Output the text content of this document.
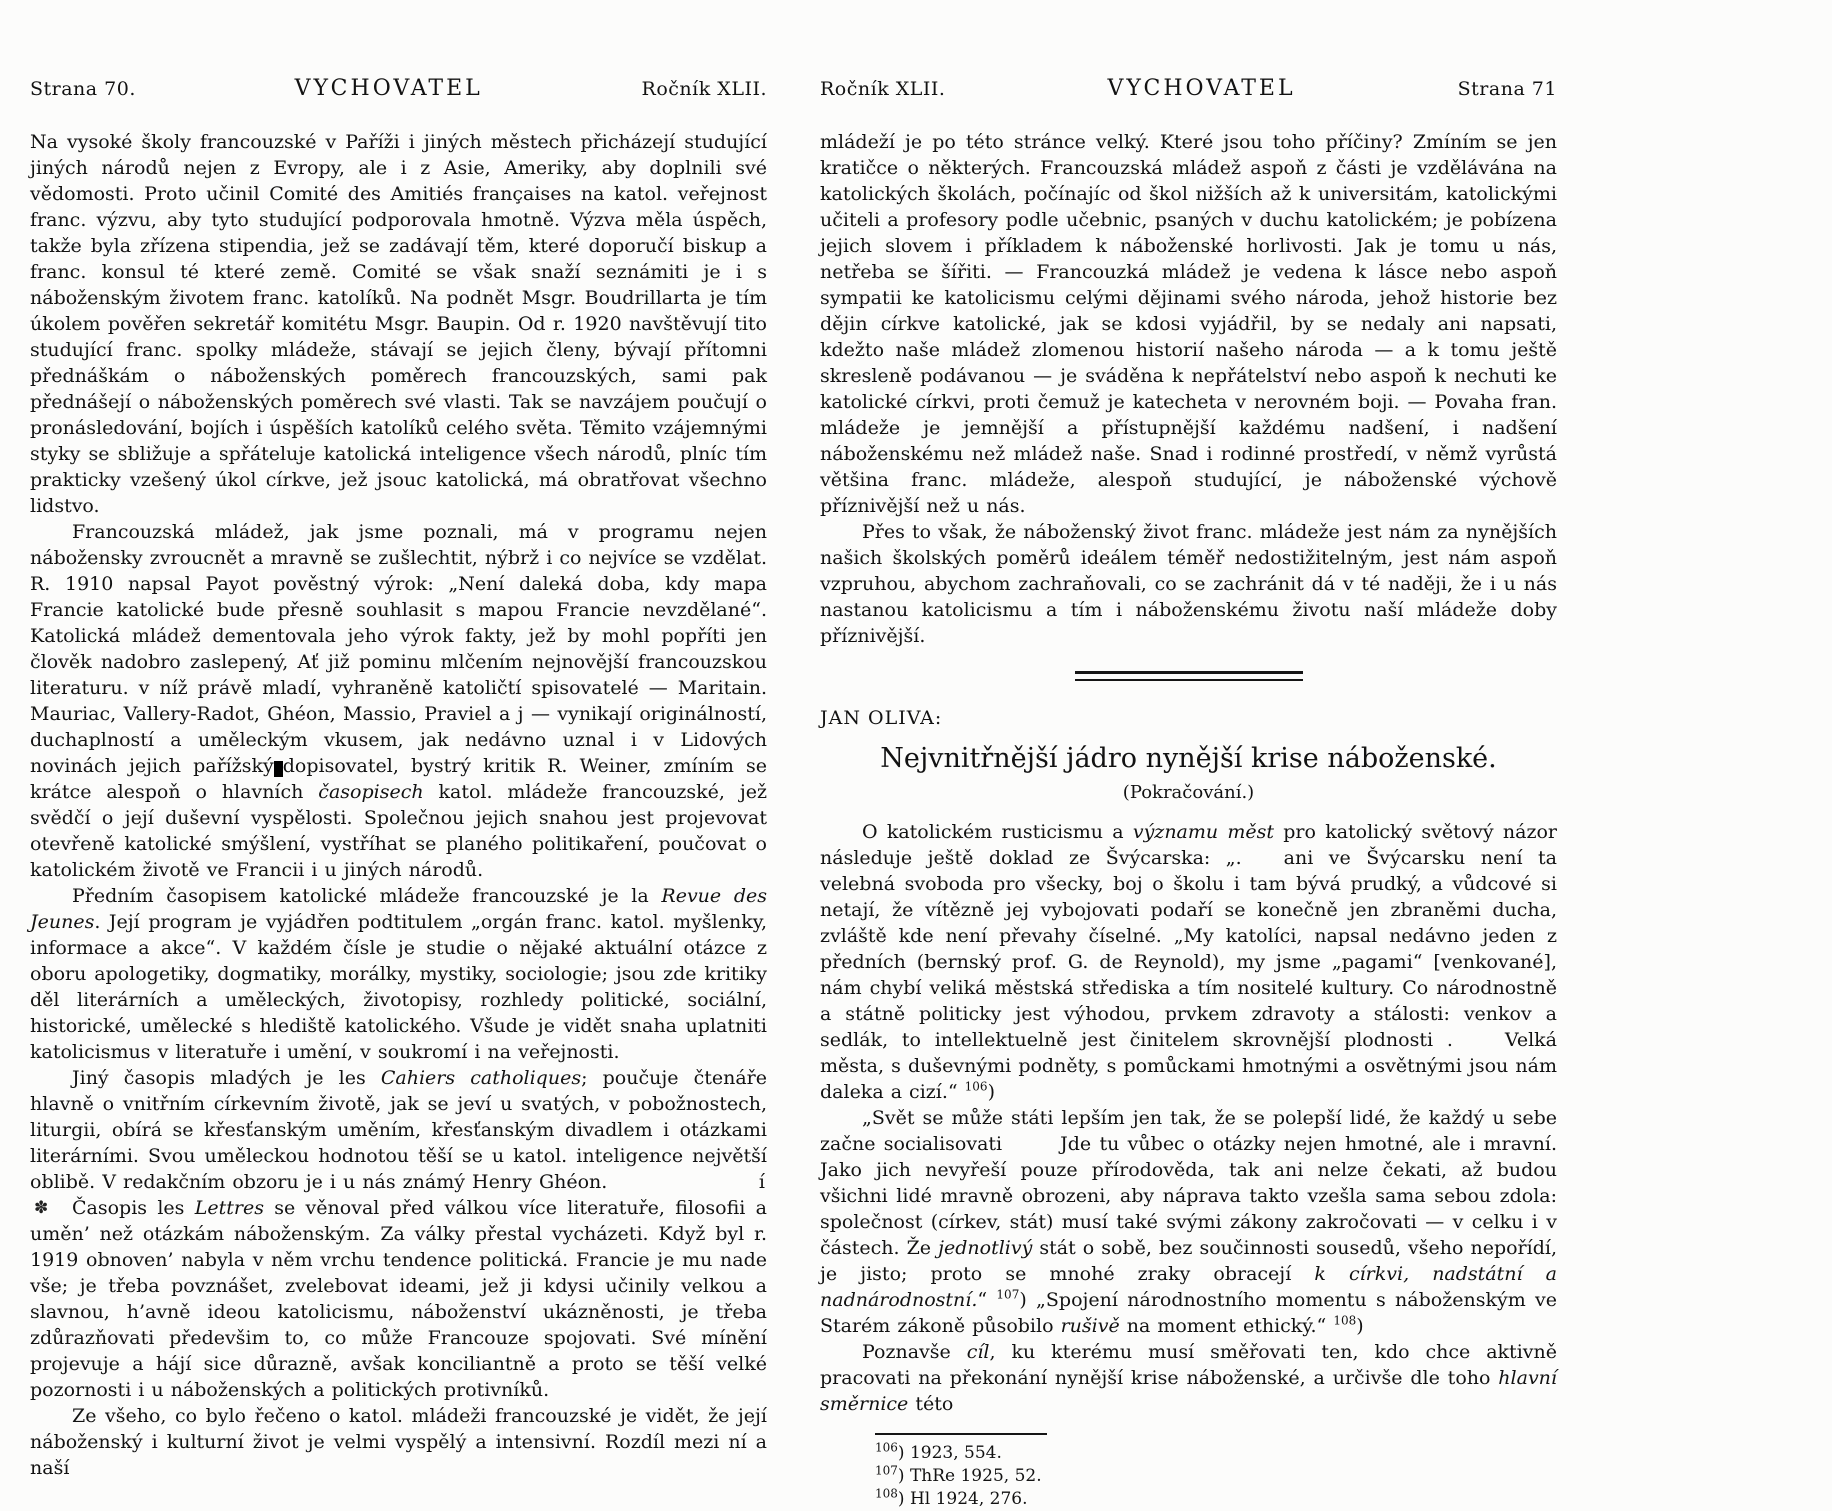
Strana 70.	VYCHOVATEL	Ročník XLII.

Na vysoké školy francouzské v Paříži i jiných městech přicházejí studující jiných národů nejen z Evropy, ale i z Asie, Ameriky, aby doplnili své vědomosti. Proto učinil Comité des Amitiés françaises na katol. veřejnost franc. výzvu, aby tyto studující podporovala hmotně. Výzva měla úspěch, takže byla zřízena stipendia, jež se zadávají těm, které doporučí biskup a franc. konsul té které země. Comité se však snaží seznámiti je i s náboženským životem franc. katolíků. Na podnět Msgr. Boudrillarta je tím úkolem pověřen sekretář komitétu Msgr. Baupin. Od r. 1920 navštěvují tito studující franc. spolky mládeže, stávají se jejich členy, bývají přítomni přednáškám o náboženských poměrech francouzských, sami pak přednášejí o náboženských poměrech své vlasti. Tak se navzájem poučují o pronásledování, bojích i úspěších katolíků celého světa. Těmito vzájemnými styky se sbližuje a spřáteluje katolická inteligence všech národů, plníc tím prakticky vzešený úkol církve, jež jsouc katolická, má obratřovat všechno lidstvo.

Francouzská mládež, jak jsme poznali, má v programu nejen nábožensky zvroucnět a mravně se zušlechtit, nýbrž i co nejvíce se vzdělat. R. 1910 napsal Payot pověstný výrok: „Není daleká doba, kdy mapa Francie katolické bude přesně souhlasit s mapou Francie nevzdělané“. Katolická mládež dementovala jeho výrok fakty, jež by mohl popříti jen člověk nadobro zaslepený, Ať již pominu mlčením nejnovější francouzskou literaturu. v níž právě mladí, vyhraněně katoličtí spisovatelé — Maritain. Mauriac, Vallery-Radot, Ghéon, Massio, Praviel a j — vynikají originálností, duchaplností a uměleckým vkusem, jak nedávno uznal i v Lidových novinách jejich pařížský dopisovatel, bystrý kritik R. Weiner, zmíním se krátce alespoň o hlavních časopisech katol. mládeže francouzské, jež svědčí o její duševní vyspělosti. Společnou jejich snahou jest projevovat otevřeně katolické smýšlení, vystříhat se planého politikaření, poučovat o katolickém životě ve Francii i u jiných národů.

Předním časopisem katolické mládeže francouzské je la Revue des Jeunes. Její program je vyjádřen podtitulem „orgán franc. katol. myšlenky, informace a akce“. V každém čísle je studie o nějaké aktuální otázce z oboru apologetiky, dogmatiky, morálky, mystiky, sociologie; jsou zde kritiky děl literárních a uměleckých, životopisy, rozhledy politické, sociální, historické, umělecké s hlediště katolického. Všude je vidět snaha uplatniti katolicismus v literatuře i umění, v soukromí i na veřejnosti.

Jiný časopis mladých je les Cahiers catholiques; poučuje čtenáře hlavně o vnitřním církevním životě, jak se jeví u svatých, v pobožnostech, liturgii, obírá se křesťanským uměním, křesťanským divadlem i otázkami literárními. Svou uměleckou hodnotou těší se u katol. inteligence největší oblibě. V redakčním obzoru je i u nás známý Henry Ghéon.	í

Časopis les Lettres se věnoval před válkou více literatuře, filosofii a uměn’ než otázkám náboženským. Za války přestal vycházeti. Když byl r. 1919 obnoven’ nabyla v něm vrchu tendence politická. Francie je mu nade vše; je třeba povznášet, zvelebovat ideami, jež ji kdysi učinily velkou a slavnou, h’avně ideou katolicismu, náboženství ukázněnosti, je třeba zdůrazňovati předevšim to, co může Francouze spojovati. Své mínění projevuje a hájí sice důrazně, avšak konciliantně a proto se těší velké pozornosti i u náboženských a politických protivníků.
✽

Ze všeho, co bylo řečeno o katol. mládeži francouzské je vidět, že její náboženský i kulturní život je velmi vyspělý a intensivní. Rozdíl mezi ní a naší

Ročník XLII.	VYCHOVATEL	Strana 71

mládeží je po této stránce velký. Které jsou toho příčiny? Zmíním se jen kratičce o některých. Francouzská mládež aspoň z části je vzdělávána na katolických školách, počínajíc od škol nižších až k universitám, katolickými učiteli a profesory podle učebnic, psaných v duchu katolickém; je pobízena jejich slovem i příkladem k náboženské horlivosti. Jak je tomu u nás, netřeba se šířiti. — Francouzká mládež je vedena k lásce nebo aspoň sympatii ke katolicismu celými dějinami svého národa, jehož historie bez dějin církve katolické, jak se kdosi vyjádřil, by se nedaly ani napsati, kdežto naše mládež zlomenou historií našeho národa — a k tomu ještě skresleně podávanou — je sváděna k nepřátelství nebo aspoň k nechuti ke katolické církvi, proti čemuž je katecheta v nerovném boji. — Povaha fran. mládeže je jemnější a přístupnější každému nadšení, i nadšení náboženskému než mládež naše. Snad i rodinné prostředí, v němž vyrůstá většina franc. mládeže, alespoň studující, je náboženské výchově příznivější než u nás.

Přes to však, že náboženský život franc. mládeže jest nám za nynějších našich školských poměrů ideálem téměř nedostižitelným, jest nám aspoň vzpruhou, abychom zachraňovali, co se zachránit dá v té naději, že i u nás nastanou katolicismu a tím i náboženskému životu naší mládeže doby příznivější.

JAN OLIVA:

Nejvnitřnější jádro nynější krise náboženské.

(Pokračování.)

O katolickém rusticismu a významu měst pro katolický světový názor následuje ještě doklad ze Švýcarska: „. ani ve Švýcarsku není ta velebná svoboda pro všecky, boj o školu i tam bývá prudký, a vůdcové si netají, že vítězně jej vybojovati podaří se konečně jen zbraněmi ducha, zvláště kde není převahy číselné. „My katolíci, napsal nedávno jeden z předních (bernský prof. G. de Reynold), my jsme „pagami“ [venkované], nám chybí veliká městská střediska a tím nositelé kultury. Co národnostně a státně politicky jest výhodou, prvkem zdravoty a stálosti: venkov a sedlák, to intellektuelně jest činitelem skrovnější plodnosti .	Velká města, s duševnými podněty, s pomůckami hmotnými a osvětnými jsou nám daleka a cizí.“ $^{106}$)

„Svět se může státi lepším jen tak, že se polepší lidé, že každý u sebe začne socialisovati	Jde tu vůbec o otázky nejen hmotné, ale i mravní. Jako jich nevyřeší pouze přírodověda, tak ani nelze čekati, až budou všichni lidé mravně obrozeni, aby náprava takto vzešla sama sebou zdola: společnost (církev, stát) musí také svými zákony zakročovati — v celku i v částech. Že jednotlivý stát o sobě, bez součinnosti sousedů, všeho nepořídí, je jisto; proto se mnohé zraky obracejí k církvi, nadstátní a nadnárodnostní.“ $^{107}$) „Spojení národnostního momentu s náboženským ve Starém zákoně působilo rušivě na moment ethický.“ $^{108}$)

Poznavše cíl, ku kterému musí směřovati ten, kdo chce aktivně pracovati na překonání nynější krise náboženské, a určivše dle toho hlavní směrnice této

$^{106}$) 1923, 554.
$^{107}$) ThRe 1925, 52.
$^{108}$) Hl 1924, 276.
